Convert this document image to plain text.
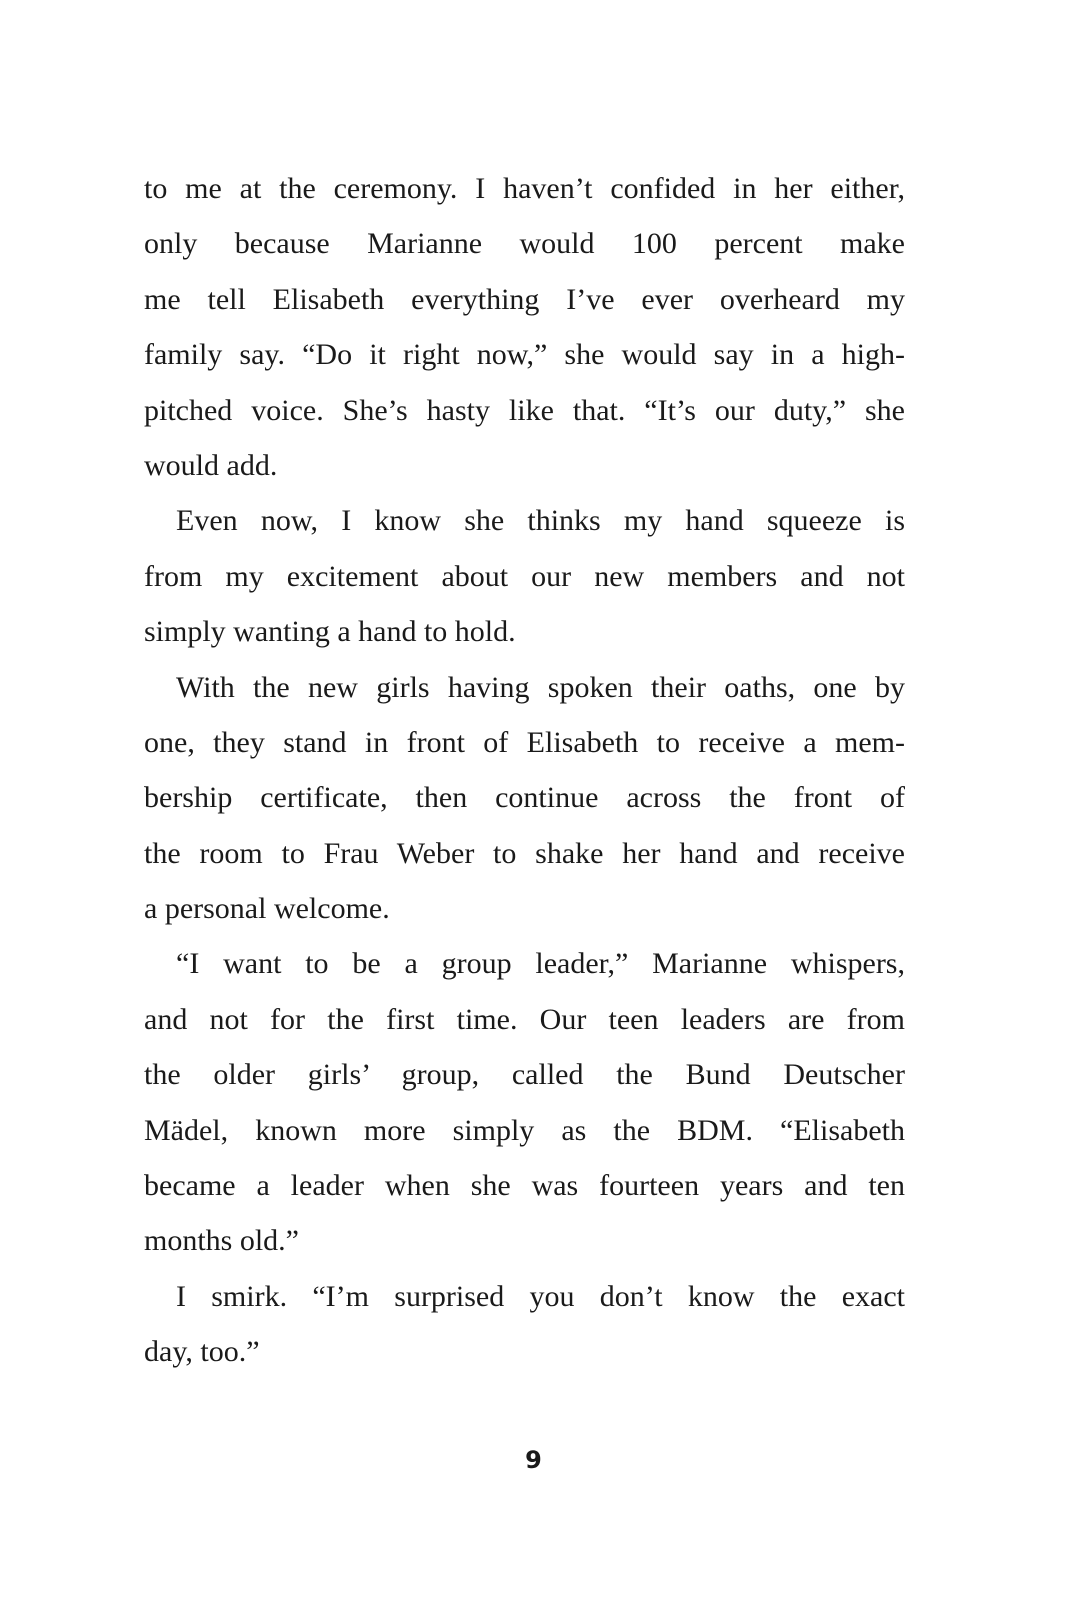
to me at the ceremony. I haven’t confided in her either,
only because Marianne would 100 percent make
me tell Elisabeth everything I’ve ever overheard my
family say. “Do it right now,” she would say in a high-
pitched voice. She’s hasty like that. “It’s our duty,” she
would add.
Even now, I know she thinks my hand squeeze is
from my excitement about our new members and not
simply wanting a hand to hold.
With the new girls having spoken their oaths, one by
one, they stand in front of Elisabeth to receive a mem-
bership certificate, then continue across the front of
the room to Frau Weber to shake her hand and receive
a personal welcome.
“I want to be a group leader,” Marianne whispers,
and not for the first time. Our teen leaders are from
the older girls’ group, called the Bund Deutscher
Mädel, known more simply as the BDM. “Elisabeth
became a leader when she was fourteen years and ten
months old.”
I smirk. “I’m surprised you don’t know the exact
day, too.”
9
